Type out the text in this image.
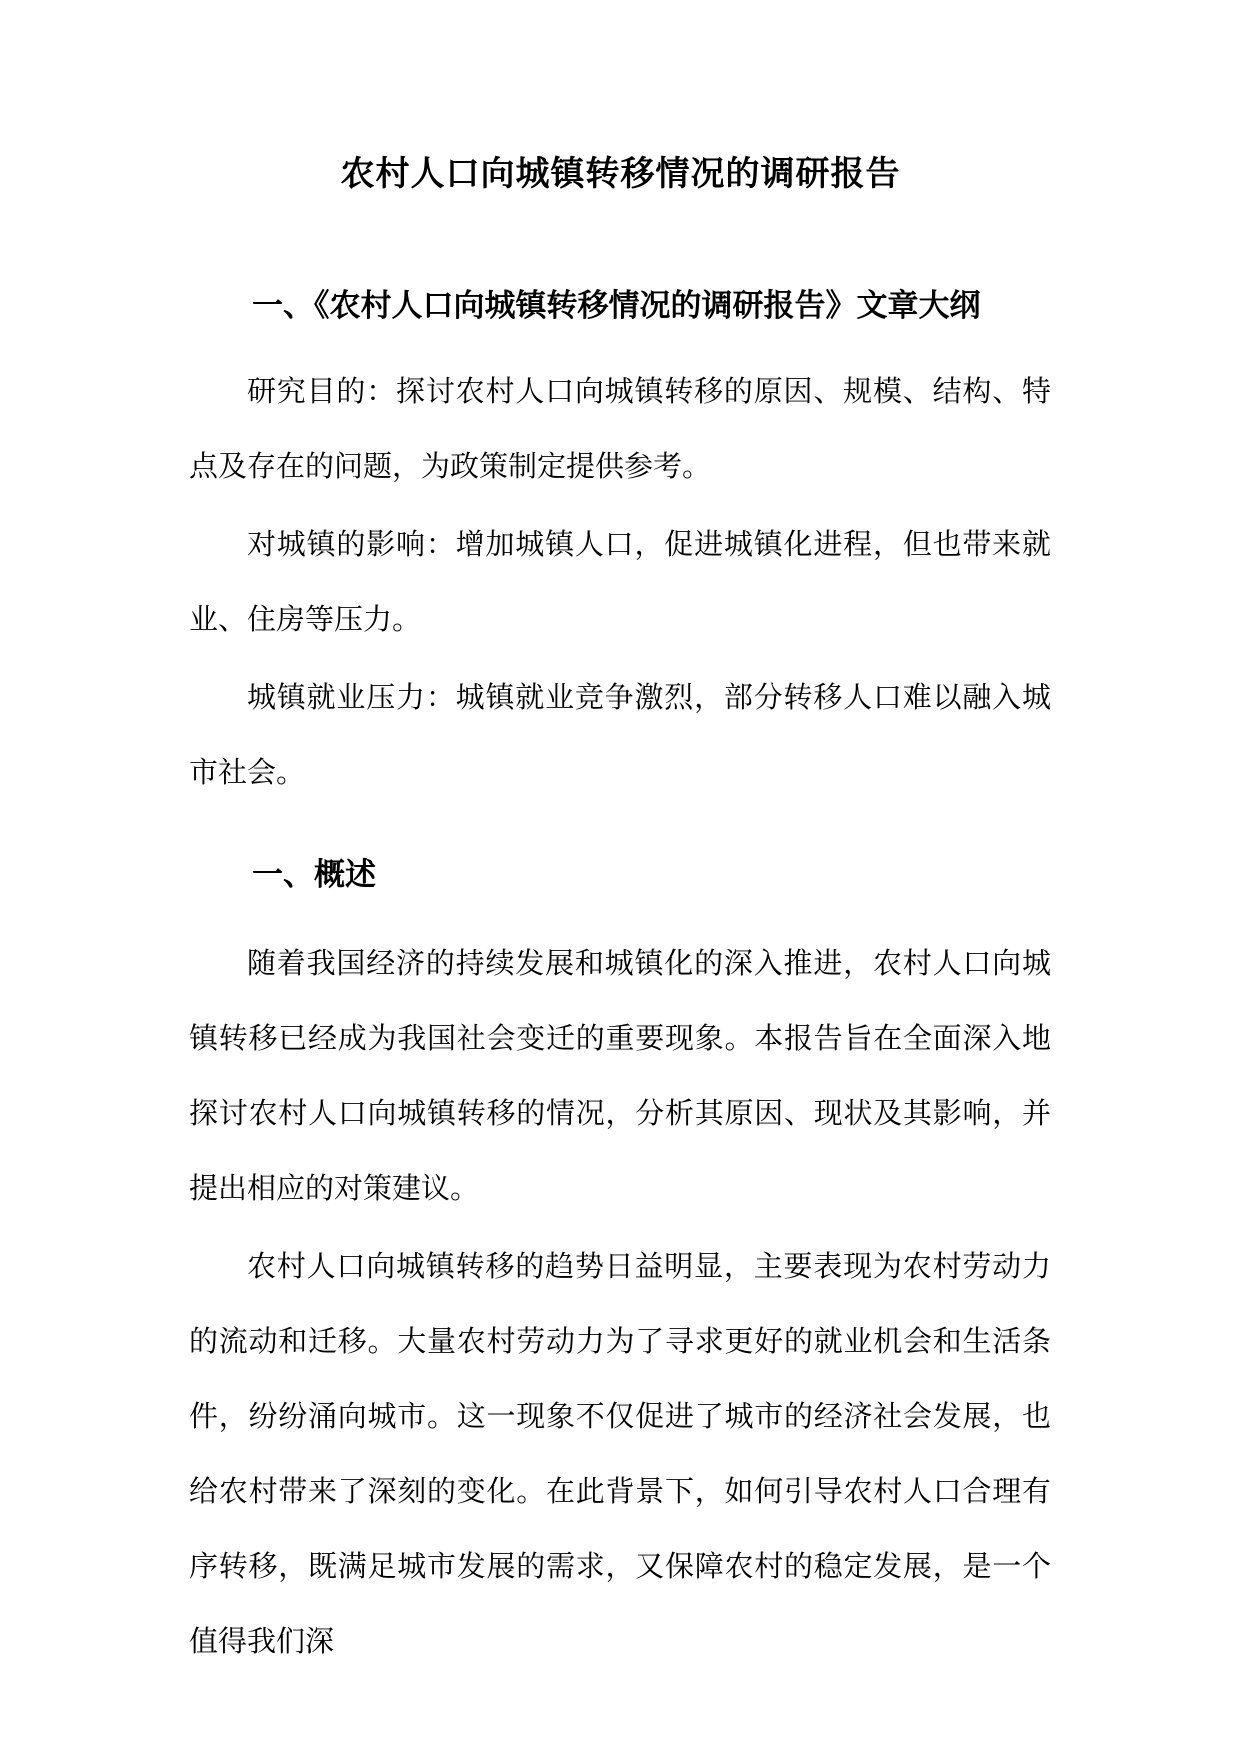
农村人口向城镇转移情况的调研报告
一、《农村人口向城镇转移情况的调研报告》文章大纲

研究目的：探讨农村人口向城镇转移的原因、规模、结构、特点及存在的问题，为政策制定提供参考。

对城镇的影响：增加城镇人口，促进城镇化进程，但也带来就业、住房等压力。

城镇就业压力：城镇就业竞争激烈，部分转移人口难以融入城市社会。

一、概述

随着我国经济的持续发展和城镇化的深入推进，农村人口向城镇转移已经成为我国社会变迁的重要现象。本报告旨在全面深入地探讨农村人口向城镇转移的情况，分析其原因、现状及其影响，并提出相应的对策建议。

农村人口向城镇转移的趋势日益明显，主要表现为农村劳动力的流动和迁移。大量农村劳动力为了寻求更好的就业机会和生活条件，纷纷涌向城市。这一现象不仅促进了城市的经济社会发展，也给农村带来了深刻的变化。在此背景下，如何引导农村人口合理有序转移，既满足城市发展的需求，又保障农村的稳定发展，是一个值得我们深
